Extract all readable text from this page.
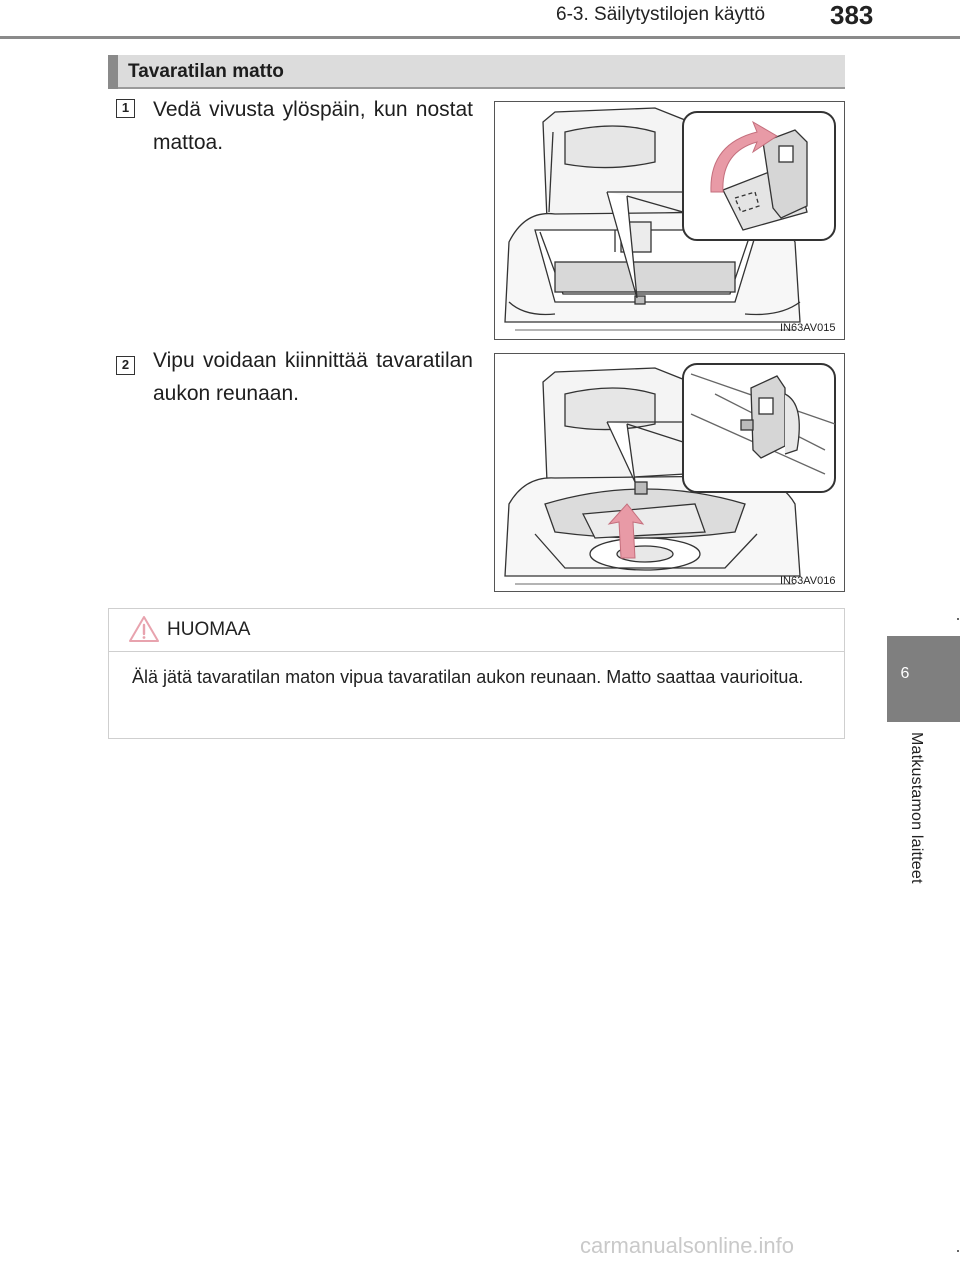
6-3. Säilytystilojen käyttö 383
6
Matkustamon laitteet
Tavaratilan matto
1 Vedä vivusta ylöspäin, kun nostat mattoa.
IN63AV015
2 Vipu voidaan kiinnittää tavaratilan aukon reunaan.
IN63AV016
HUOMAA
Älä jätä tavaratilan maton vipua tavaratilan aukon reunaan. Matto saattaa vaurioitua.
carmanualsonline.info
